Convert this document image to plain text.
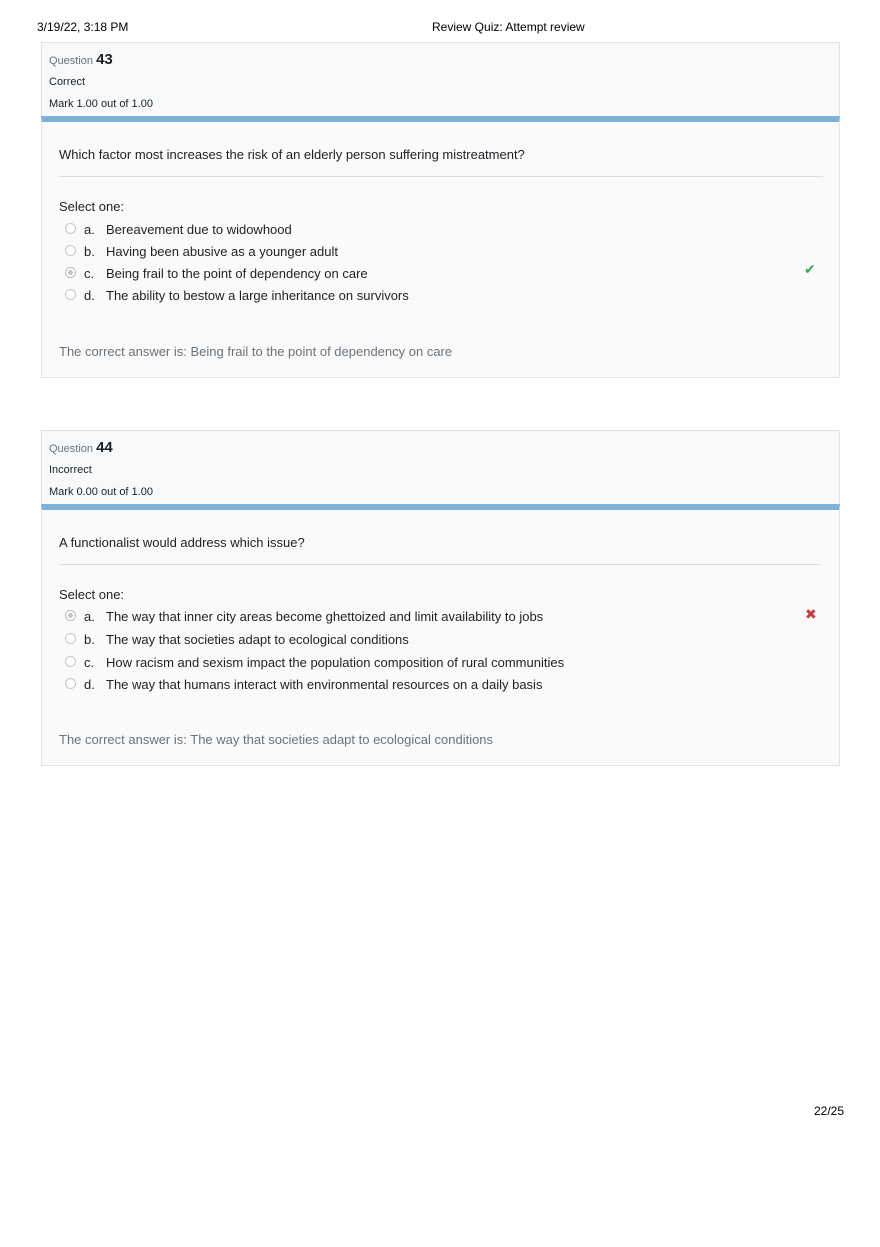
3/19/22, 3:18 PM	Review Quiz: Attempt review
Question 43
Correct
Mark 1.00 out of 1.00
Which factor most increases the risk of an elderly person suffering mistreatment?
Select one:
a. Bereavement due to widowhood
b. Having been abusive as a younger adult
c. Being frail to the point of dependency on care
d. The ability to bestow a large inheritance on survivors
✔
The correct answer is: Being frail to the point of dependency on care
Question 44
Incorrect
Mark 0.00 out of 1.00
A functionalist would address which issue?
Select one:
a. The way that inner city areas become ghettoized and limit availability to jobs
b. The way that societies adapt to ecological conditions
c. How racism and sexism impact the population composition of rural communities
d. The way that humans interact with environmental resources on a daily basis
✖
The correct answer is: The way that societies adapt to ecological conditions
22/25
